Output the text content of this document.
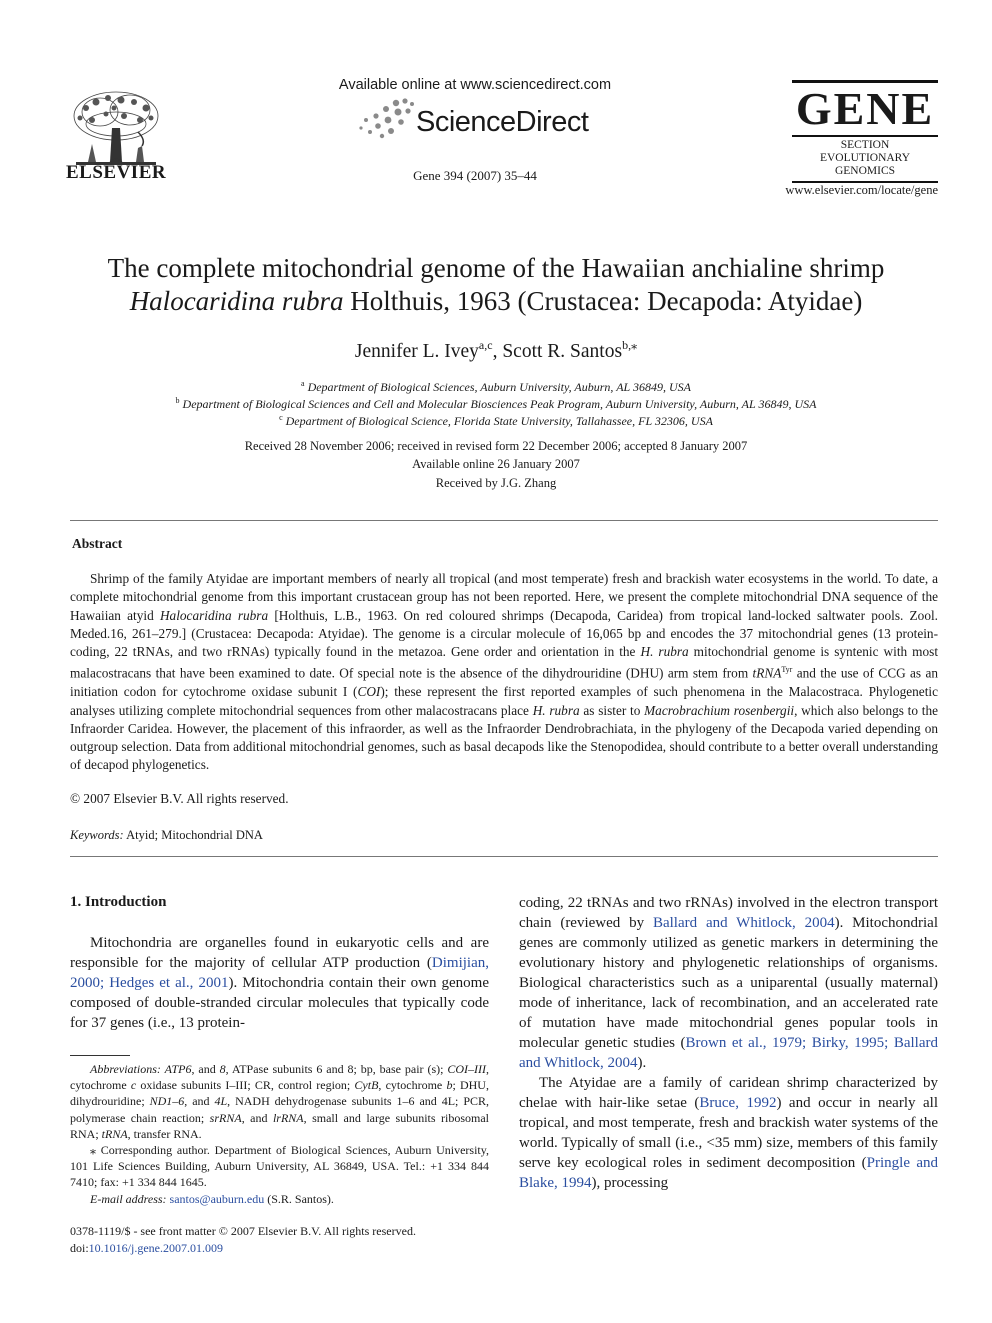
ELSEVIER
Available online at www.sciencedirect.com
ScienceDirect
Gene 394 (2007) 35–44
GENE
SECTION
EVOLUTIONARY GENOMICS
www.elsevier.com/locate/gene
The complete mitochondrial genome of the Hawaiian anchialine shrimp
Halocaridina rubra Holthuis, 1963 (Crustacea: Decapoda: Atyidae)
Jennifer L. Ivey$^{a,c}$, Scott R. Santos$^{b,⁎}$
$^a$ Department of Biological Sciences, Auburn University, Auburn, AL 36849, USA
$^b$ Department of Biological Sciences and Cell and Molecular Biosciences Peak Program, Auburn University, Auburn, AL 36849, USA
$^c$ Department of Biological Science, Florida State University, Tallahassee, FL 32306, USA
Received 28 November 2006; received in revised form 22 December 2006; accepted 8 January 2007
Available online 26 January 2007
Received by J.G. Zhang
Abstract
Shrimp of the family Atyidae are important members of nearly all tropical (and most temperate) fresh and brackish water ecosystems in the world. To date, a complete mitochondrial genome from this important crustacean group has not been reported. Here, we present the complete mitochondrial DNA sequence of the Hawaiian atyid Halocaridina rubra [Holthuis, L.B., 1963. On red coloured shrimps (Decapoda, Caridea) from tropical land-locked saltwater pools. Zool. Meded.16, 261–279.] (Crustacea: Decapoda: Atyidae). The genome is a circular molecule of 16,065 bp and encodes the 37 mitochondrial genes (13 protein-coding, 22 tRNAs, and two rRNAs) typically found in the metazoa. Gene order and orientation in the H. rubra mitochondrial genome is syntenic with most malacostracans that have been examined to date. Of special note is the absence of the dihydrouridine (DHU) arm stem from tRNA$^{Tyr}$ and the use of CCG as an initiation codon for cytochrome oxidase subunit I (COI); these represent the first reported examples of such phenomena in the Malacostraca. Phylogenetic analyses utilizing complete mitochondrial sequences from other malacostracans place H. rubra as sister to Macrobrachium rosenbergii, which also belongs to the Infraorder Caridea. However, the placement of this infraorder, as well as the Infraorder Dendrobrachiata, in the phylogeny of the Decapoda varied depending on outgroup selection. Data from additional mitochondrial genomes, such as basal decapods like the Stenopodidea, should contribute to a better overall understanding of decapod phylogenetics.
© 2007 Elsevier B.V. All rights reserved.
Keywords: Atyid; Mitochondrial DNA
1. Introduction
Mitochondria are organelles found in eukaryotic cells and are responsible for the majority of cellular ATP production (Dimijian, 2000; Hedges et al., 2001). Mitochondria contain their own genome composed of double-stranded circular molecules that typically code for 37 genes (i.e., 13 protein-

coding, 22 tRNAs and two rRNAs) involved in the electron transport chain (reviewed by Ballard and Whitlock, 2004). Mitochondrial genes are commonly utilized as genetic markers in determining the evolutionary history and phylogenetic relationships of organisms. Biological characteristics such as a uniparental (usually maternal) mode of inheritance, lack of recombination, and an accelerated rate of mutation have made mitochondrial genes popular tools in molecular genetic studies (Brown et al., 1979; Birky, 1995; Ballard and Whitlock, 2004).

The Atyidae are a family of caridean shrimp characterized by chelae with hair-like setae (Bruce, 1992) and occur in nearly all tropical, and most temperate, fresh and brackish water systems of the world. Typically of small (i.e., <35 mm) size, members of this family serve key ecological roles in sediment decomposition (Pringle and Blake, 1994), processing

Abbreviations: ATP6, and 8, ATPase subunits 6 and 8; bp, base pair (s); COI–III, cytochrome c oxidase subunits I–III; CR, control region; CytB, cytochrome b; DHU, dihydrouridine; ND1–6, and 4L, NADH dehydrogenase subunits 1–6 and 4L; PCR, polymerase chain reaction; srRNA, and lrRNA, small and large subunits ribosomal RNA; tRNA, transfer RNA.

⁎ Corresponding author. Department of Biological Sciences, Auburn University, 101 Life Sciences Building, Auburn University, AL 36849, USA. Tel.: +1 334 844 7410; fax: +1 334 844 1645.

E-mail address: santos@auburn.edu (S.R. Santos).

0378-1119/$ - see front matter © 2007 Elsevier B.V. All rights reserved.
doi:10.1016/j.gene.2007.01.009
